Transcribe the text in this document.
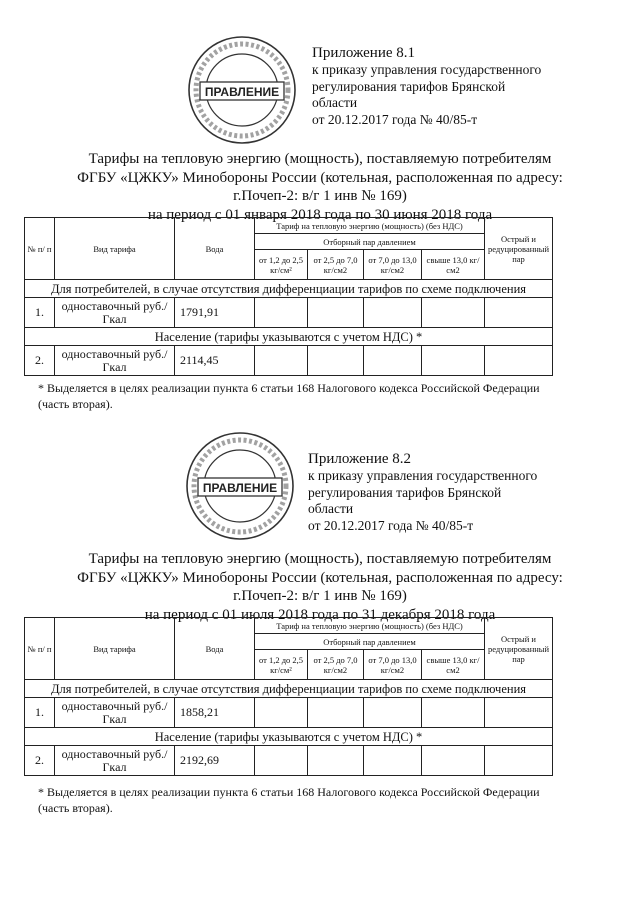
ПРАВЛЕНИЕ
Приложение 8.1
к приказу управления государственного
регулирования тарифов Брянской
области
от 20.12.2017 года № 40/85-т
Тарифы на тепловую энергию (мощность), поставляемую потребителям
ФГБУ «ЦЖКУ» Минобороны России (котельная, расположенная по адресу:
г.Почеп-2: в/г 1 инв № 169)
на период с 01 января 2018 года по 30 июня 2018 года
№ п/ п	Вид тарифа	Вода	Тариф на тепловую энергию (мощность) (без НДС)				Острый и редуцированный пар
			Отборный пар давлением				
			от 1,2 до 2,5 кг/см²	от 2,5 до 7,0 кг/см2	от 7,0 до 13,0 кг/см2	свыше 13,0 кг/см2	
Для потребителей, в случае отсутствия дифференциации тарифов по схеме подключения							
1.	одноставочный руб./Гкал	1791,91					
Население (тарифы указываются с учетом НДС) *							
2.	одноставочный руб./Гкал	2114,45					
* Выделяется в целях реализации пункта 6 статьи 168 Налогового кодекса Российской Федерации (часть вторая).
ПРАВЛЕНИЕ
Приложение 8.2
к приказу управления государственного
регулирования тарифов Брянской
области
от 20.12.2017 года № 40/85-т
Тарифы на тепловую энергию (мощность), поставляемую потребителям
ФГБУ «ЦЖКУ» Минобороны России (котельная, расположенная по адресу:
г.Почеп-2: в/г 1 инв № 169)
на период с 01 июля 2018 года по 31 декабря 2018 года
№ п/ п	Вид тарифа	Вода	Тариф на тепловую энергию (мощность) (без НДС)				Острый и редуцированный пар
			Отборный пар давлением				
			от 1,2 до 2,5 кг/см²	от 2,5 до 7,0 кг/см2	от 7,0 до 13,0 кг/см2	свыше 13,0 кг/см2	
Для потребителей, в случае отсутствия дифференциации тарифов по схеме подключения							
1.	одноставочный руб./Гкал	1858,21					
Население (тарифы указываются с учетом НДС) *							
2.	одноставочный руб./Гкал	2192,69					
* Выделяется в целях реализации пункта 6 статьи 168 Налогового кодекса Российской Федерации (часть вторая).
